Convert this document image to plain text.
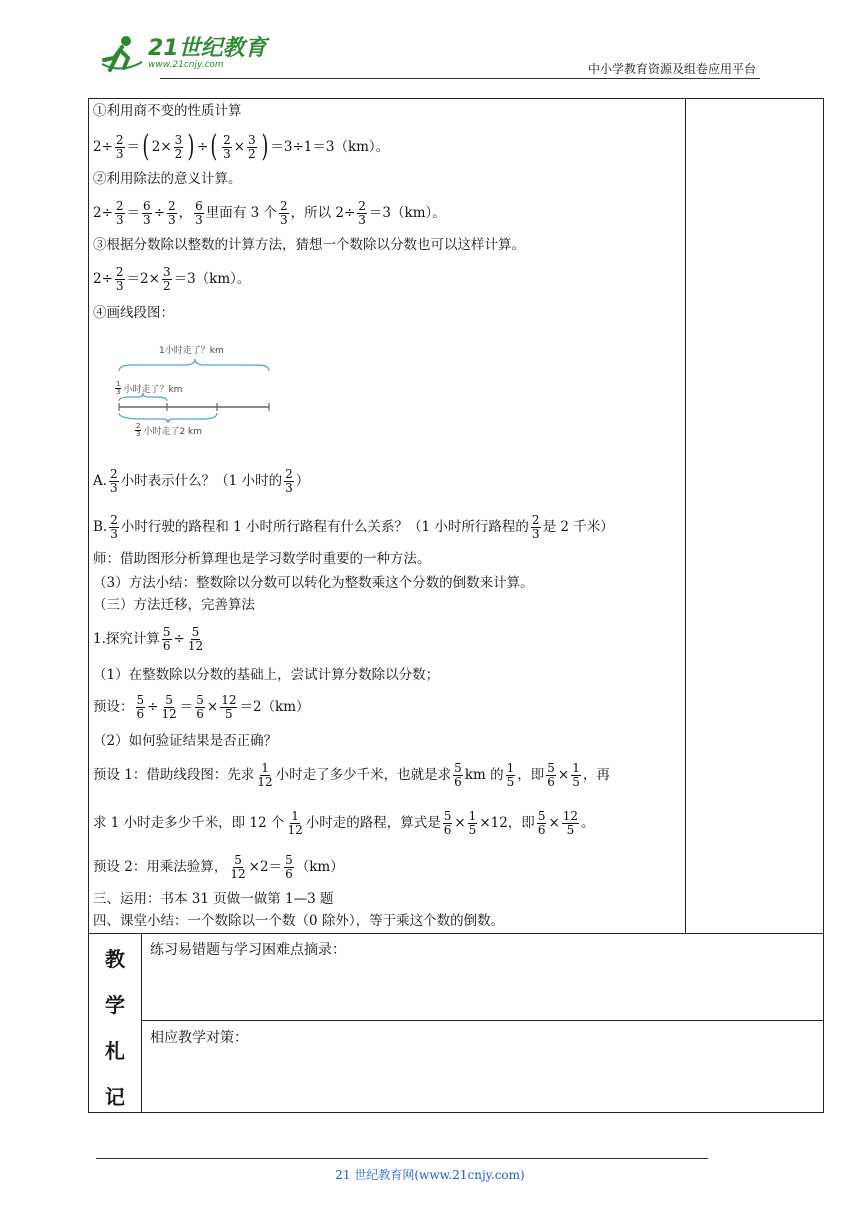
21世纪教育
www.21cnjy.com	中小学教育资源及组卷应用平台
①利用商不变的性质计算
$2\div \frac{2}{3}$ ＝ ( $2\times \frac{3}{2}$ ) ÷ ( $\frac{2}{3} \times \frac{3}{2}$ ) ＝3÷1＝3（km）。
②利用除法的意义计算。
$2\div \frac{2}{3} = \frac{6}{3} \div \frac{2}{3}$ ， 6
3 里面有 3 个 2
3 ，所以 $2\div \frac{2}{3} =3(km)$。
③根据分数除以整数的计算方法，猜想一个数除以分数也可以这样计算。
$2\div \frac{2}{3} =2\times \frac{3}{2} =3(km)$。
④画线段图：
1小时走了？km
1
3 小时走了？km
2
3 小时走了2 km
A. 2
3 小时表示什么？（1 小时的 2
3 ）
B. 2
3 小时行驶的路程和 1 小时所行路程有什么关系？（1 小时所行路程的 2
3 是 2 千米）
师：借助图形分析算理也是学习数学时重要的一种方法。
（3）方法小结：整数除以分数可以转化为整数乘这个分数的倒数来计算。
（三）方法迁移，完善算法
1.探究计算 $\frac{5}{6} \div \frac{5}{12}$
（1）在整数除以分数的基础上，尝试计算分数除以分数；
预设： $\frac{5}{6} \div \frac{5}{12} = \frac{5}{6} \times \frac{12}{5} =2(km)$
（2）如何验证结果是否正确？
预设 1：借助线段图：先求 1
12 小时走了多少千米，也就是求 5
6 km 的 1
5 ，即 $\frac{5}{6} \times \frac{1}{5}$ ，再
求 1 小时走多少千米，即 12 个 1
12 小时走的路程，算式是 $\frac{5}{6} \times \frac{1}{5} \times 12$，即 $\frac{5}{6} \times \frac{12}{5}$ 。
预设 2：用乘法验算， $\frac{5}{12} \times 2= 5$
6 （km）
三、运用：书本 31 页做一做第 1—3 题
四、课堂小结：一个数除以一个数（0 除外），等于乘这个数的倒数。
教
学
札
记
练习易错题与学习困难点摘录：
相应教学对策：
21 世纪教育网(www.21cnjy.com)
